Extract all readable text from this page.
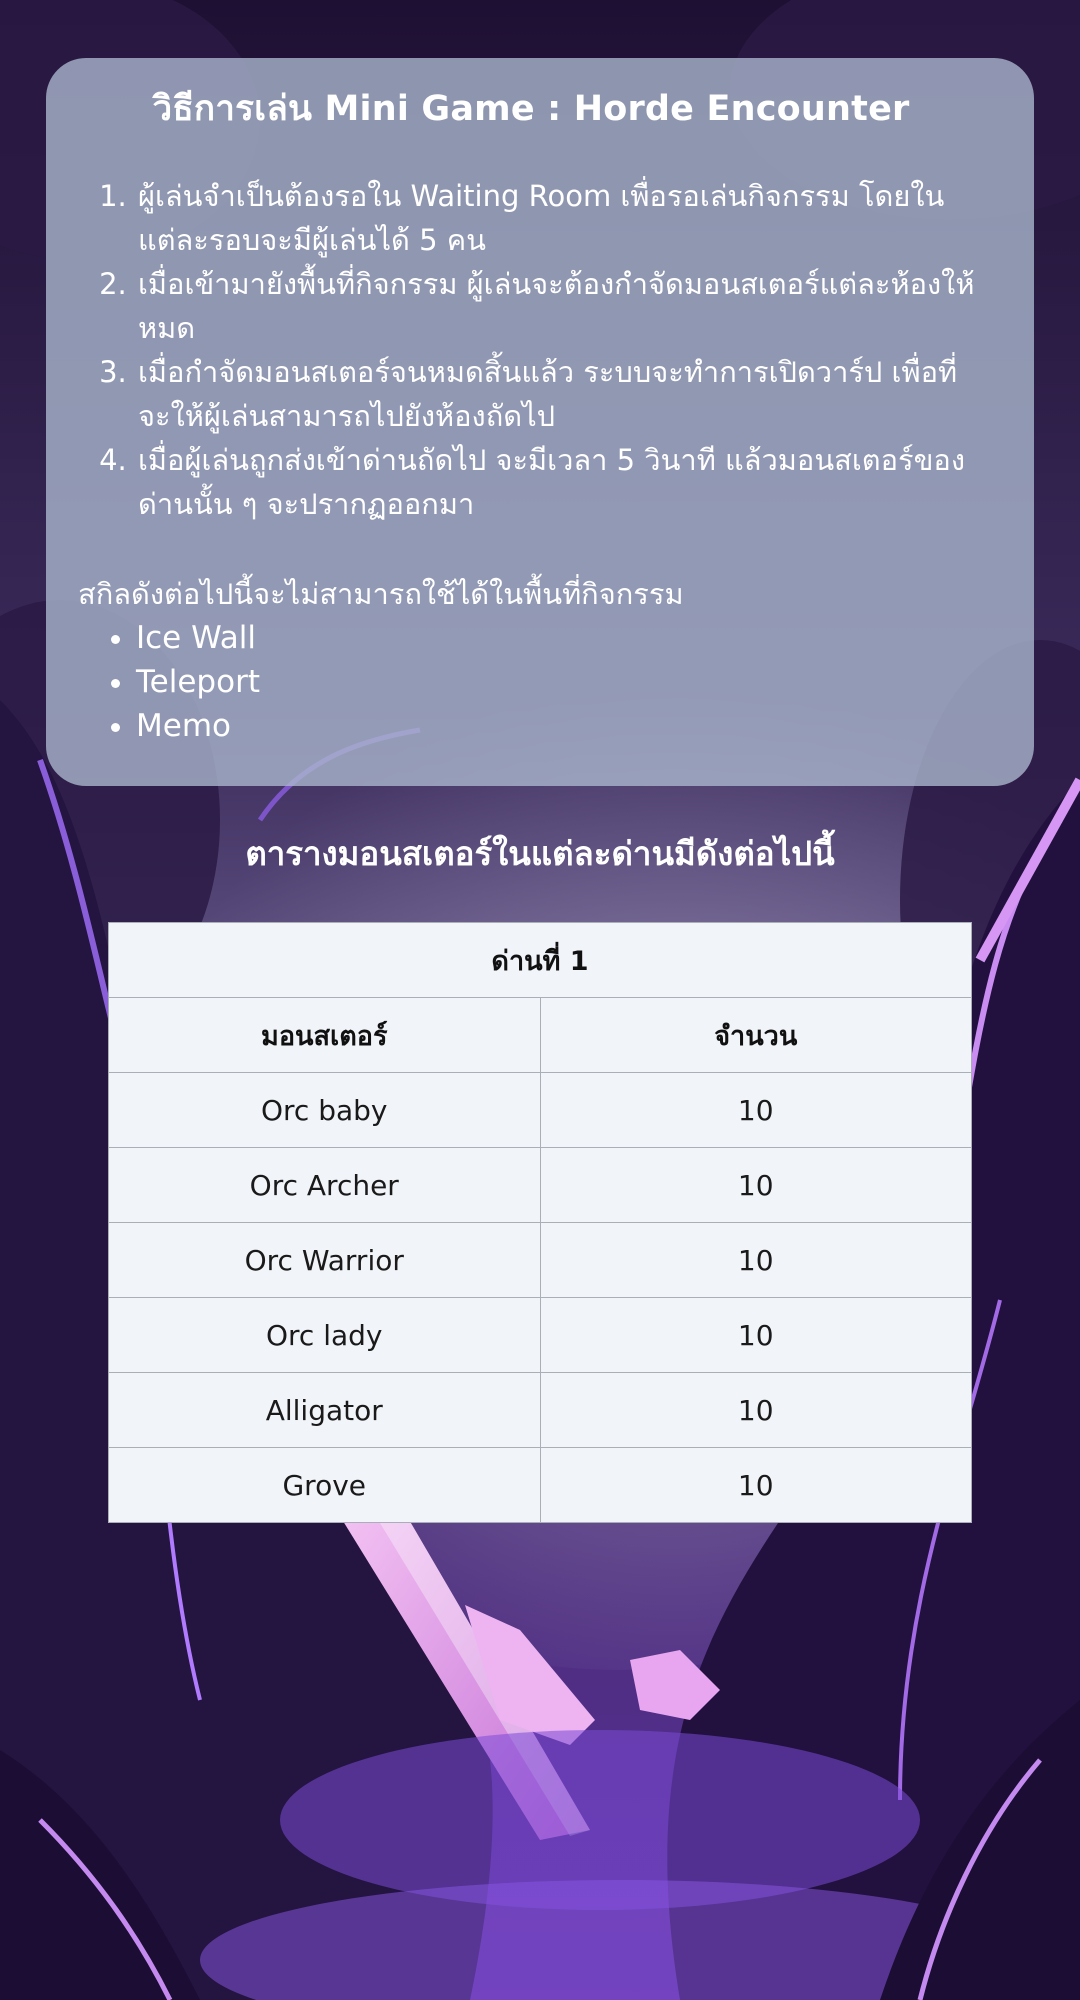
วิธีการเล่น Mini Game : Horde Encounter
1. ผู้เล่นจำเป็นต้องรอใน Waiting Room เพื่อรอเล่นกิจกรรม โดยในแต่ละรอบจะมีผู้เล่นได้ 5 คน
2. เมื่อเข้ามายังพื้นที่กิจกรรม ผู้เล่นจะต้องกำจัดมอนสเตอร์แต่ละห้องให้หมด
3. เมื่อกำจัดมอนสเตอร์จนหมดสิ้นแล้ว ระบบจะทำการเปิดวาร์ป เพื่อที่จะให้ผู้เล่นสามารถไปยังห้องถัดไป
4. เมื่อผู้เล่นถูกส่งเข้าด่านถัดไป จะมีเวลา 5 วินาที แล้วมอนสเตอร์ของด่านนั้น ๆ จะปรากฏออกมา

สกิลดังต่อไปนี้จะไม่สามารถใช้ได้ในพื้นที่กิจกรรม

• Ice Wall
• Teleport
• Memo
ตารางมอนสเตอร์ในแต่ละด่านมีดังต่อไปนี้
ด่านที่ 1	
มอนสเตอร์	จำนวน
Orc baby	10
Orc Archer	10
Orc Warrior	10
Orc lady	10
Alligator	10
Grove	10
